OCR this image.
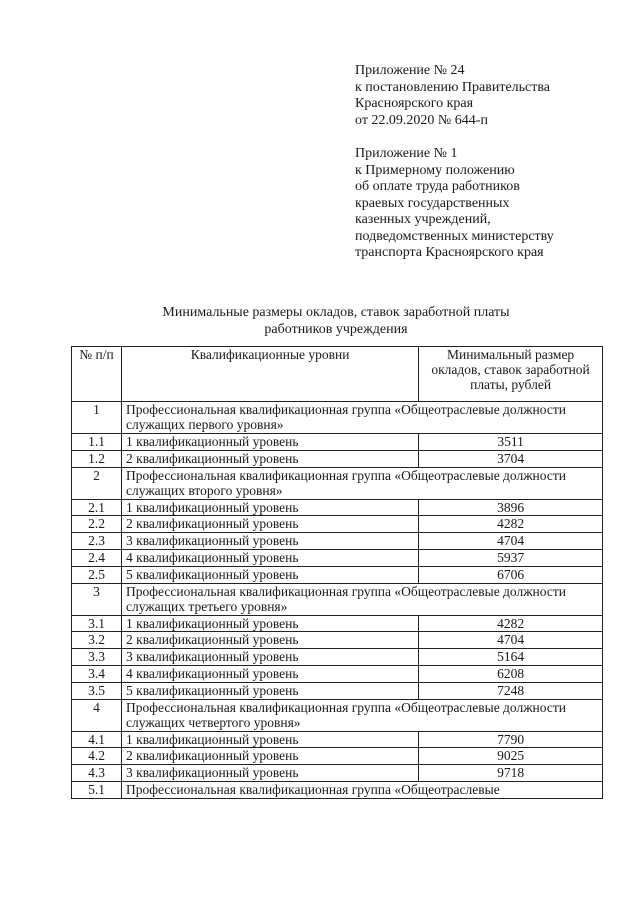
Приложение № 24
к постановлению Правительства
Красноярского края
от 22.09.2020 № 644-п
Приложение № 1
к Примерному положению
об оплате труда работников
краевых государственных
казенных учреждений,
подведомственных министерству
транспорта Красноярского края
Минимальные размеры окладов, ставок заработной платы
работников учреждения
№ п/п	Квалификационные уровни	Минимальный размер окладов, ставок заработной платы, рублей
1	Профессиональная квалификационная группа «Общеотраслевые должности служащих первого уровня»	
1.1	1 квалификационный уровень	3511
1.2	2 квалификационный уровень	3704
2	Профессиональная квалификационная группа «Общеотраслевые должности служащих второго уровня»	
2.1	1 квалификационный уровень	3896
2.2	2 квалификационный уровень	4282
2.3	3 квалификационный уровень	4704
2.4	4 квалификационный уровень	5937
2.5	5 квалификационный уровень	6706
3	Профессиональная квалификационная группа «Общеотраслевые должности служащих третьего уровня»	
3.1	1 квалификационный уровень	4282
3.2	2 квалификационный уровень	4704
3.3	3 квалификационный уровень	5164
3.4	4 квалификационный уровень	6208
3.5	5 квалификационный уровень	7248
4	Профессиональная квалификационная группа «Общеотраслевые должности служащих четвертого уровня»	
4.1	1 квалификационный уровень	7790
4.2	2 квалификационный уровень	9025
4.3	3 квалификационный уровень	9718
5.1	Профессиональная квалификационная группа «Общеотраслевые	
